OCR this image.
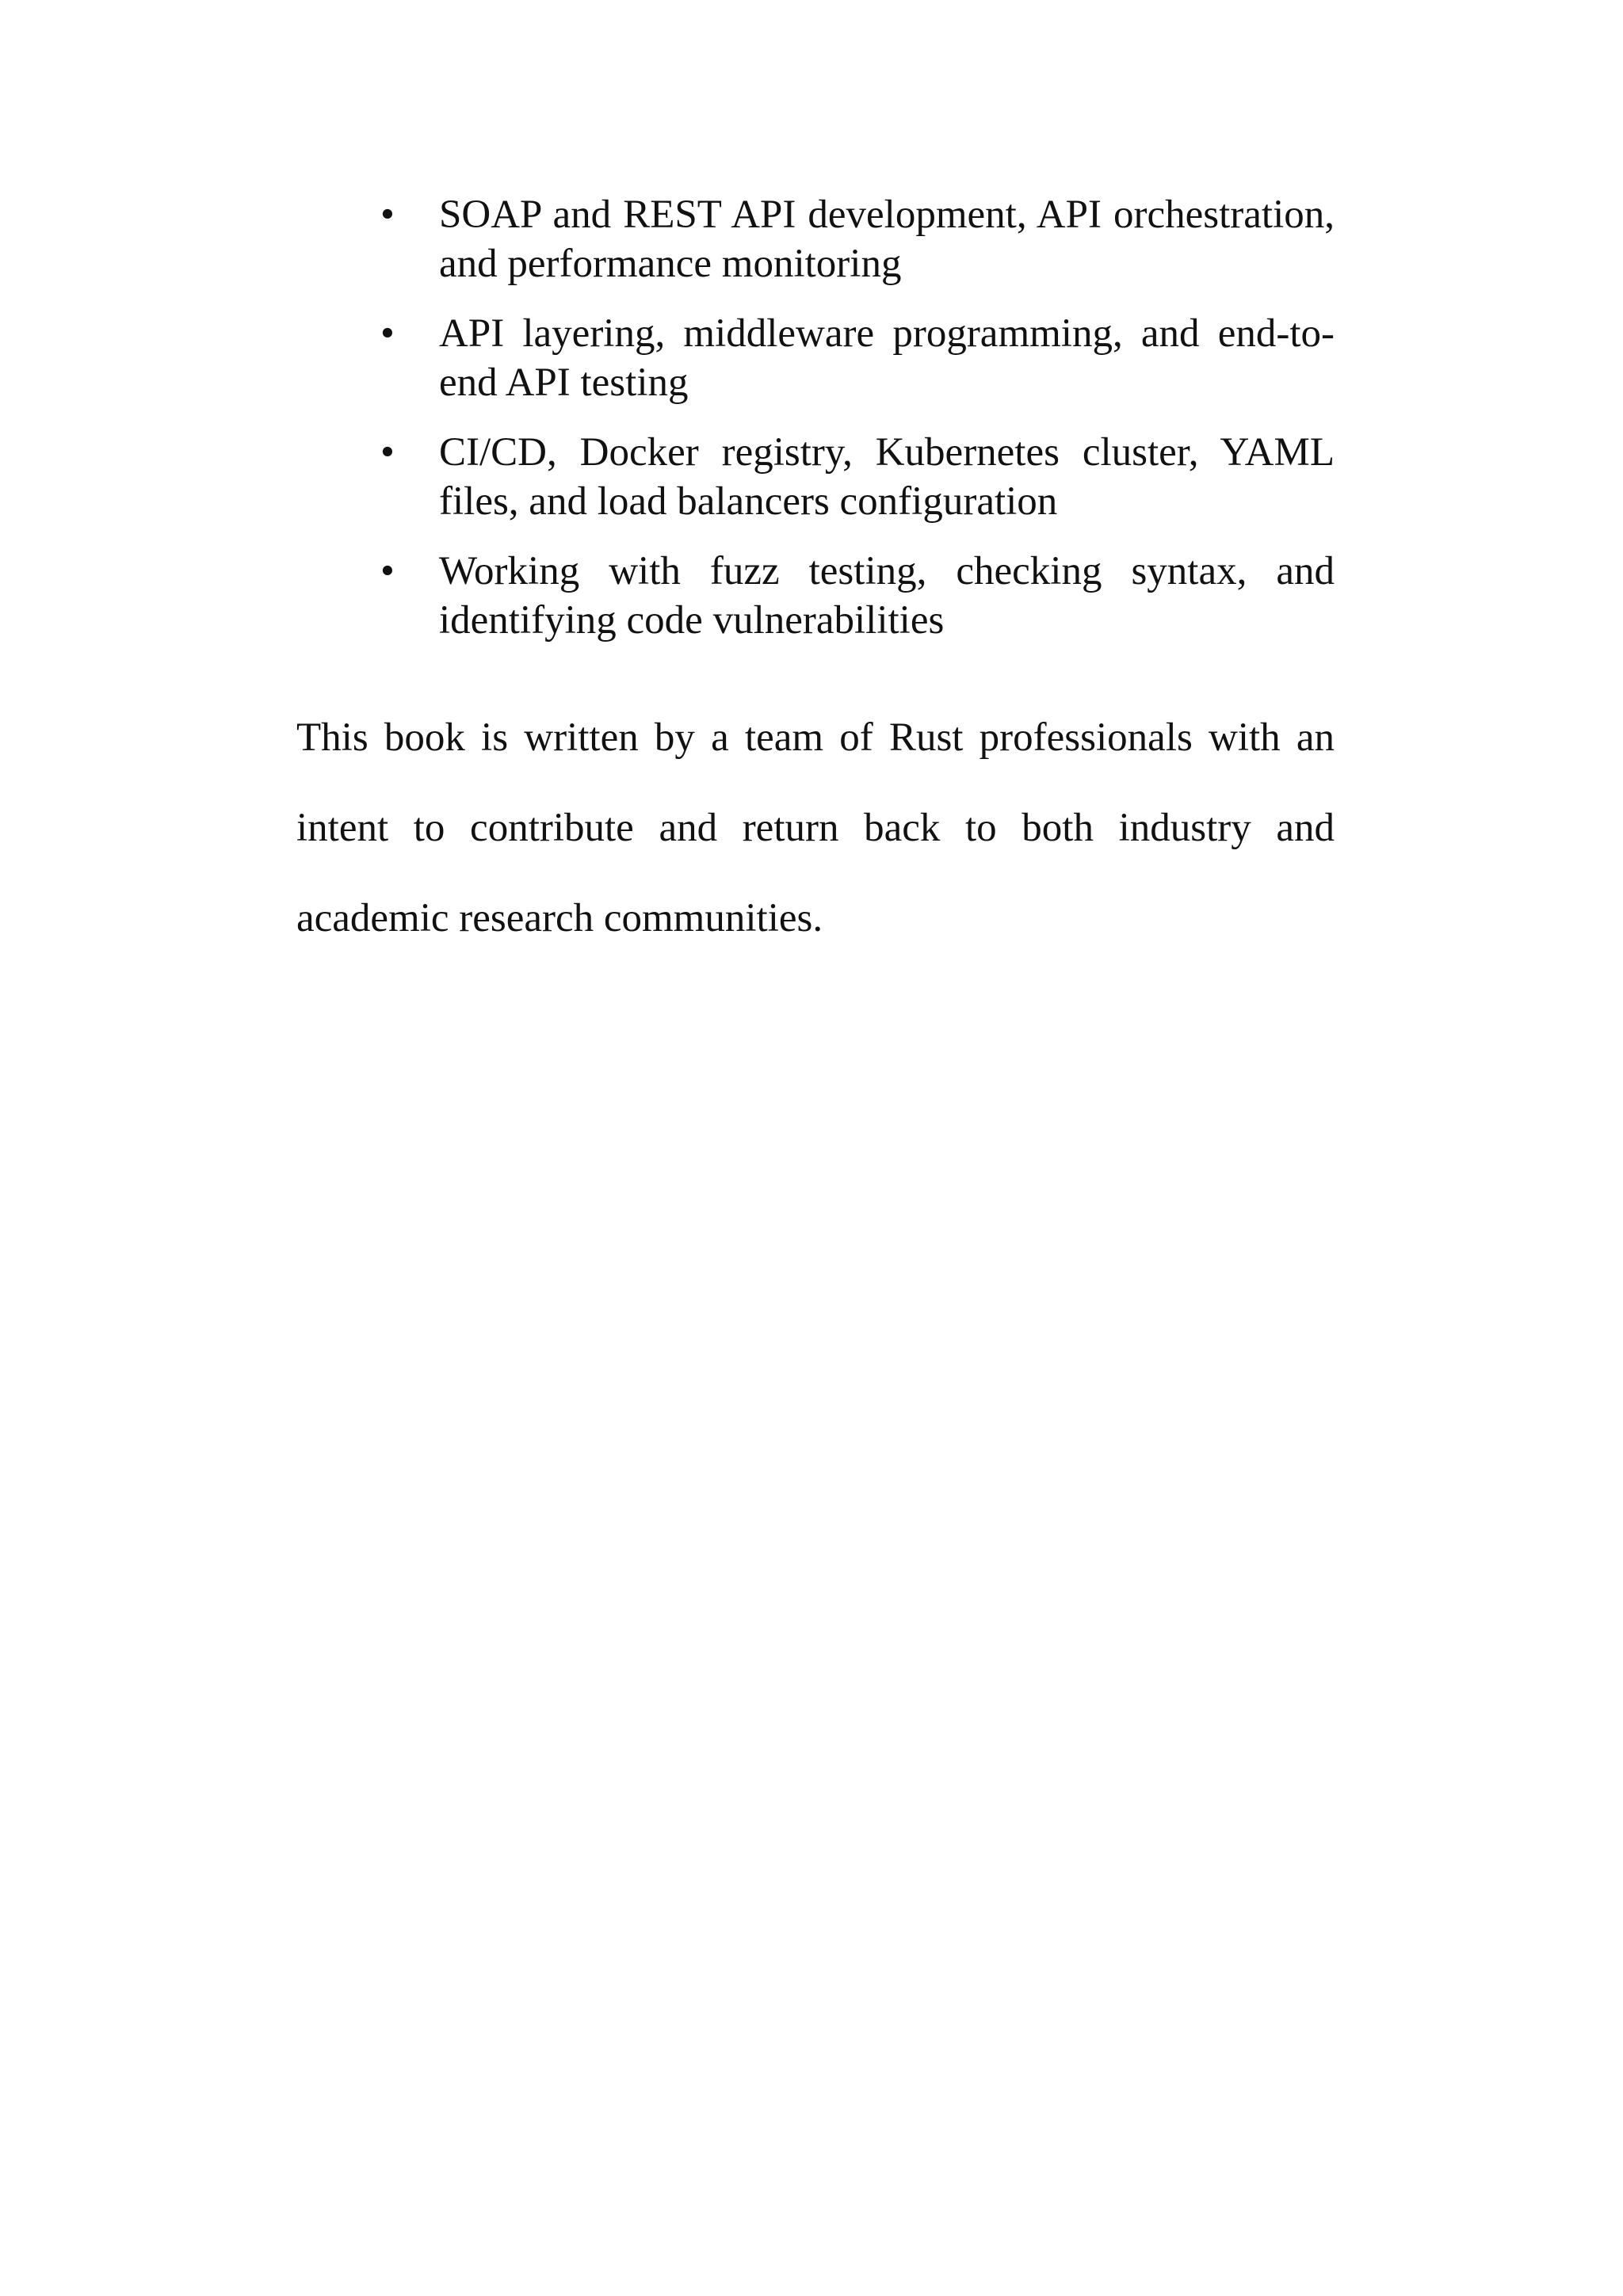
•	SOAP and REST API development, API orchestration, and performance monitoring
•	API layering, middleware programming, and end-to-end API testing
•	CI/CD, Docker registry, Kubernetes cluster, YAML files, and load balancers configuration
•	Working with fuzz testing, checking syntax, and identifying code vulnerabilities

This book is written by a team of Rust professionals with an intent to contribute and return back to both industry and academic research communities.
